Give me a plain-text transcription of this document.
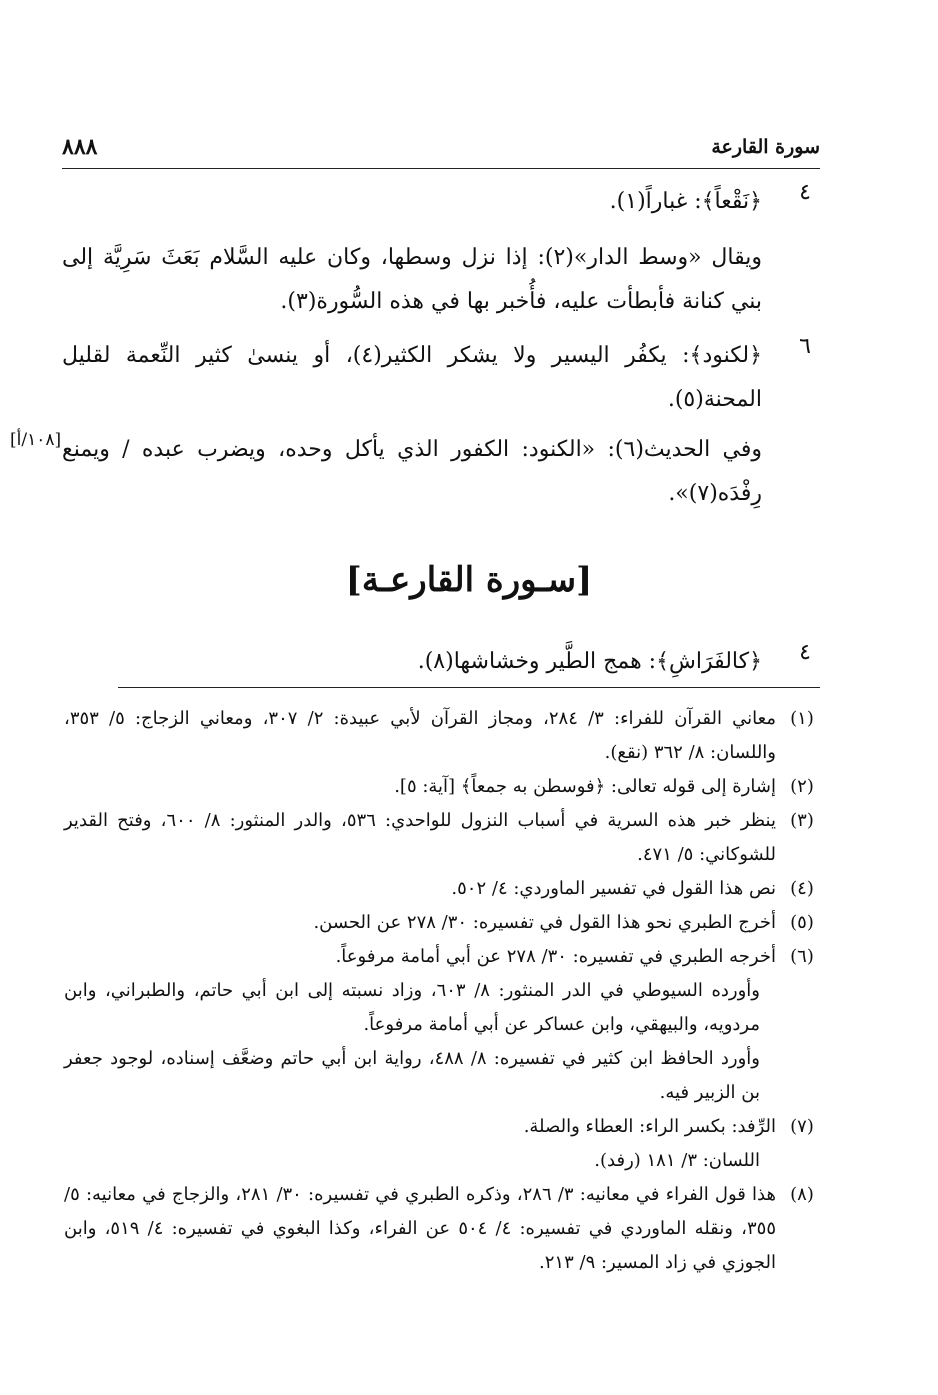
٨٨٨	سورة القارعة
٤
﴿نَقْعاً﴾: غباراً(١).
ويقال «وسط الدار»(٢): إذا نزل وسطها، وكان عليه السَّلام بَعَثَ سَرِيَّة إلى بني كنانة فأبطأت عليه، فأُخبر بها في هذه السُّورة(٣).
٦
﴿لكنود﴾: يكفُر اليسير ولا يشكر الكثير(٤)، أو ينسىٰ كثير النِّعمة لقليل المحنة(٥).
وفي الحديث(٦): «الكنود: الكفور الذي يأكل وحده، ويضرب عبده / ويمنع رِفْدَه(٧)».
[١٠٨/أ]
[سـورة القارعـة]
٤
﴿كالفَرَاشِ﴾: همج الطَّير وخشاشها(٨).
(١)
معاني القرآن للفراء: ٣/ ٢٨٤، ومجاز القرآن لأبي عبيدة: ٢/ ٣٠٧، ومعاني الزجاج: ٥/ ٣٥٣، واللسان: ٨/ ٣٦٢ (نقع).
(٢)
إشارة إلى قوله تعالى: ﴿فوسطن به جمعاً﴾ [آية: ٥].
(٣)
ينظر خبر هذه السرية في أسباب النزول للواحدي: ٥٣٦، والدر المنثور: ٨/ ٦٠٠، وفتح القدير للشوكاني: ٥/ ٤٧١.
(٤)
نص هذا القول في تفسير الماوردي: ٤/ ٥٠٢.
(٥)
أخرج الطبري نحو هذا القول في تفسيره: ٣٠/ ٢٧٨ عن الحسن.
(٦)
أخرجه الطبري في تفسيره: ٣٠/ ٢٧٨ عن أبي أمامة مرفوعاً.
وأورده السيوطي في الدر المنثور: ٨/ ٦٠٣، وزاد نسبته إلى ابن أبي حاتم، والطبراني، وابن مردويه، والبيهقي، وابن عساكر عن أبي أمامة مرفوعاً.
وأورد الحافظ ابن كثير في تفسيره: ٨/ ٤٨٨، رواية ابن أبي حاتم وضعَّف إسناده، لوجود جعفر بن الزبير فيه.
(٧)
الرِّفد: بكسر الراء: العطاء والصلة.
اللسان: ٣/ ١٨١ (رفد).
(٨)
هذا قول الفراء في معانيه: ٣/ ٢٨٦، وذكره الطبري في تفسيره: ٣٠/ ٢٨١، والزجاج في معانيه: ٥/ ٣٥٥، ونقله الماوردي في تفسيره: ٤/ ٥٠٤ عن الفراء، وكذا البغوي في تفسيره: ٤/ ٥١٩، وابن الجوزي في زاد المسير: ٩/ ٢١٣.
